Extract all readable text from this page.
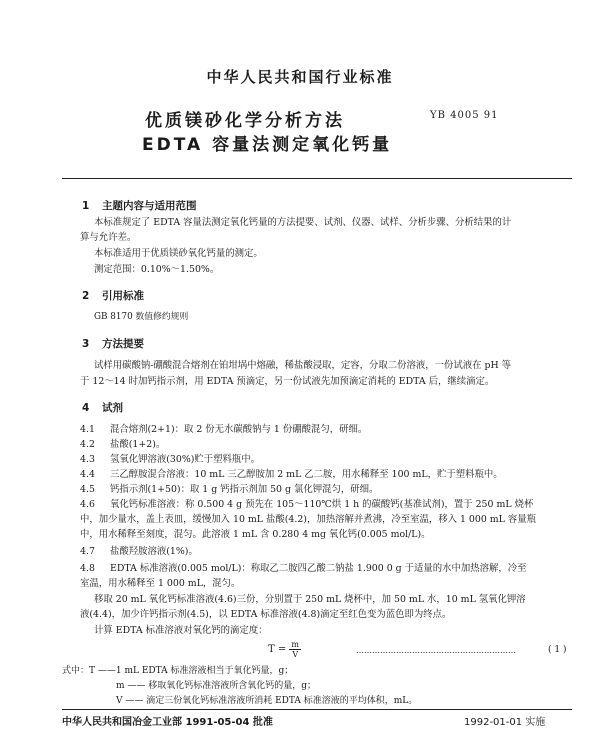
中华人民共和国行业标准
优质镁砂化学分析方法
EDTA 容量法测定氧化钙量
YB 4005 91
1 主题内容与适用范围
本标准规定了 EDTA 容量法测定氧化钙量的方法提要、试剂、仪器、试样、分析步骤、分析结果的计
算与允许差。
本标准适用于优质镁砂氧化钙量的测定。
测定范围：0.10%～1.50%。
2 引用标准
GB 8170 数值修约规则
3 方法提要
试样用碳酸钠-硼酸混合熔剂在铂坩埚中熔融，稀盐酸浸取，定容，分取二份溶液，一份试液在 pH 等
于 12～14 时加钙指示剂，用 EDTA 预滴定，另一份试液先加预滴定消耗的 EDTA 后，继续滴定。
4 试剂
4.1 混合熔剂(2+1)：取 2 份无水碳酸钠与 1 份硼酸混匀，研细。
4.2 盐酸(1+2)。
4.3 氢氧化钾溶液(30%)贮于塑料瓶中。
4.4 三乙醇胺混合溶液：10 mL 三乙醇胺加 2 mL 乙二胺，用水稀释至 100 mL，贮于塑料瓶中。
4.5 钙指示剂(1+50)：取 1 g 钙指示剂加 50 g 氯化钾混匀，研细。
4.6 氧化钙标准溶液：称 0.500 4 g 预先在 105～110℃烘 1 h 的碳酸钙(基准试剂)，置于 250 mL 烧杯
中，加少量水，盖上表皿，缓慢加入 10 mL 盐酸(4.2)，加热溶解并煮沸，冷至室温，移入 1 000 mL 容量瓶
中，用水稀释至刻度，混匀。此溶液 1 mL 含 0.280 4 mg 氧化钙(0.005 mol/L)。
4.7 盐酸羟胺溶液(1%)。
4.8 EDTA 标准溶液(0.005 mol/L)：称取乙二胺四乙酸二钠盐 1.900 0 g 于适量的水中加热溶解，冷至
室温，用水稀释至 1 000 mL，混匀。
移取 20 mL 氧化钙标准溶液(4.6)三份，分别置于 250 mL 烧杯中，加 50 mL 水，10 mL 氢氧化钾溶
液(4.4)，加少许钙指示剂(4.5)，以 EDTA 标准溶液(4.8)滴定至红色变为蓝色即为终点。
计算 EDTA 标准溶液对氧化钙的滴定度：
$T = \frac{m}{V}$	……………………………………………………	( 1 )
式中：T ——1 mL EDTA 标准溶液相当于氧化钙量，g；
m —— 移取氧化钙标准溶液所含氧化钙的量，g；
V —— 滴定三份氧化钙标准溶液所消耗 EDTA 标准溶液的平均体积，mL。
中华人民共和国冶金工业部 1991-05-04 批准	1992-01-01 实施
